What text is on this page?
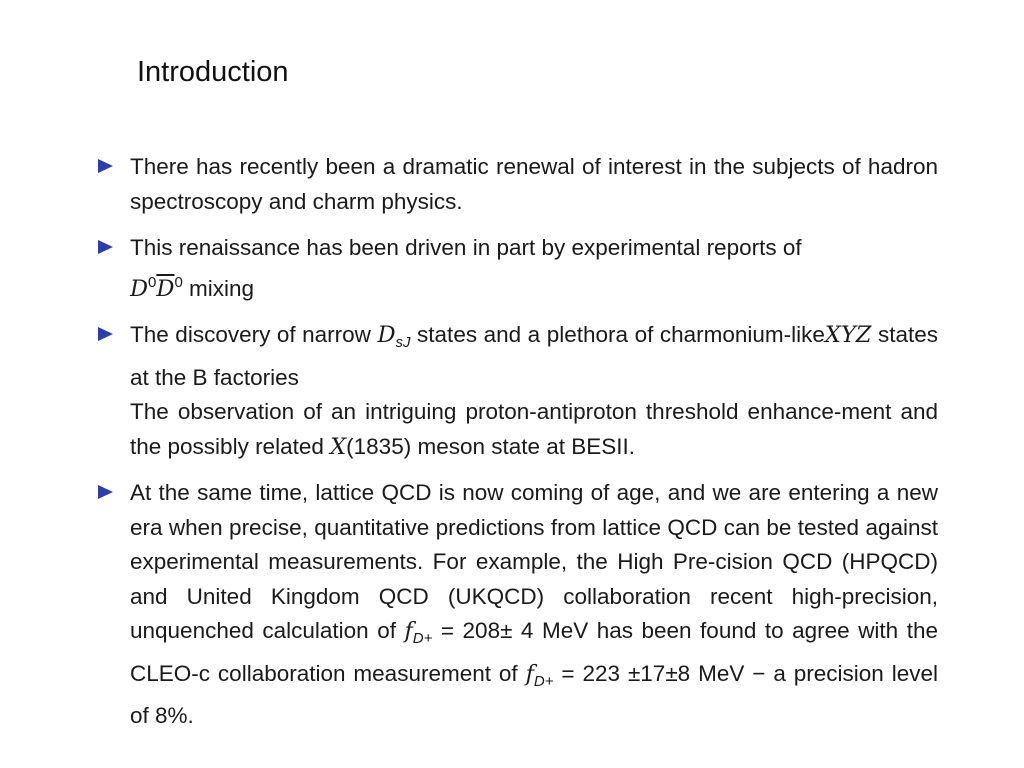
Introduction
There has recently been a dramatic renewal of interest in the subjects of hadron spectroscopy and charm physics.
This renaissance has been driven in part by experimental reports of
$D^0\overline{D}^0$ mixing
The discovery of narrow $D_{sJ}$ states and a plethora of charmonium-likeXYZ states at the B factories
The observation of an intriguing proton-antiproton threshold enhance-ment and the possibly related X(1835) meson state at BESII.
At the same time, lattice QCD is now coming of age, and we are entering a new era when precise, quantitative predictions from lattice QCD can be tested against experimental measurements. For example, the High Pre-cision QCD (HPQCD) and United Kingdom QCD (UKQCD) collaboration recent high-precision, unquenched calculation of $f_{D+} = 208\pm 4$ MeV has been found to agree with the CLEO-c collaboration measurement of $f_{D+} = 223 \pm 17\pm 8$ MeV − a precision level of 8%.
